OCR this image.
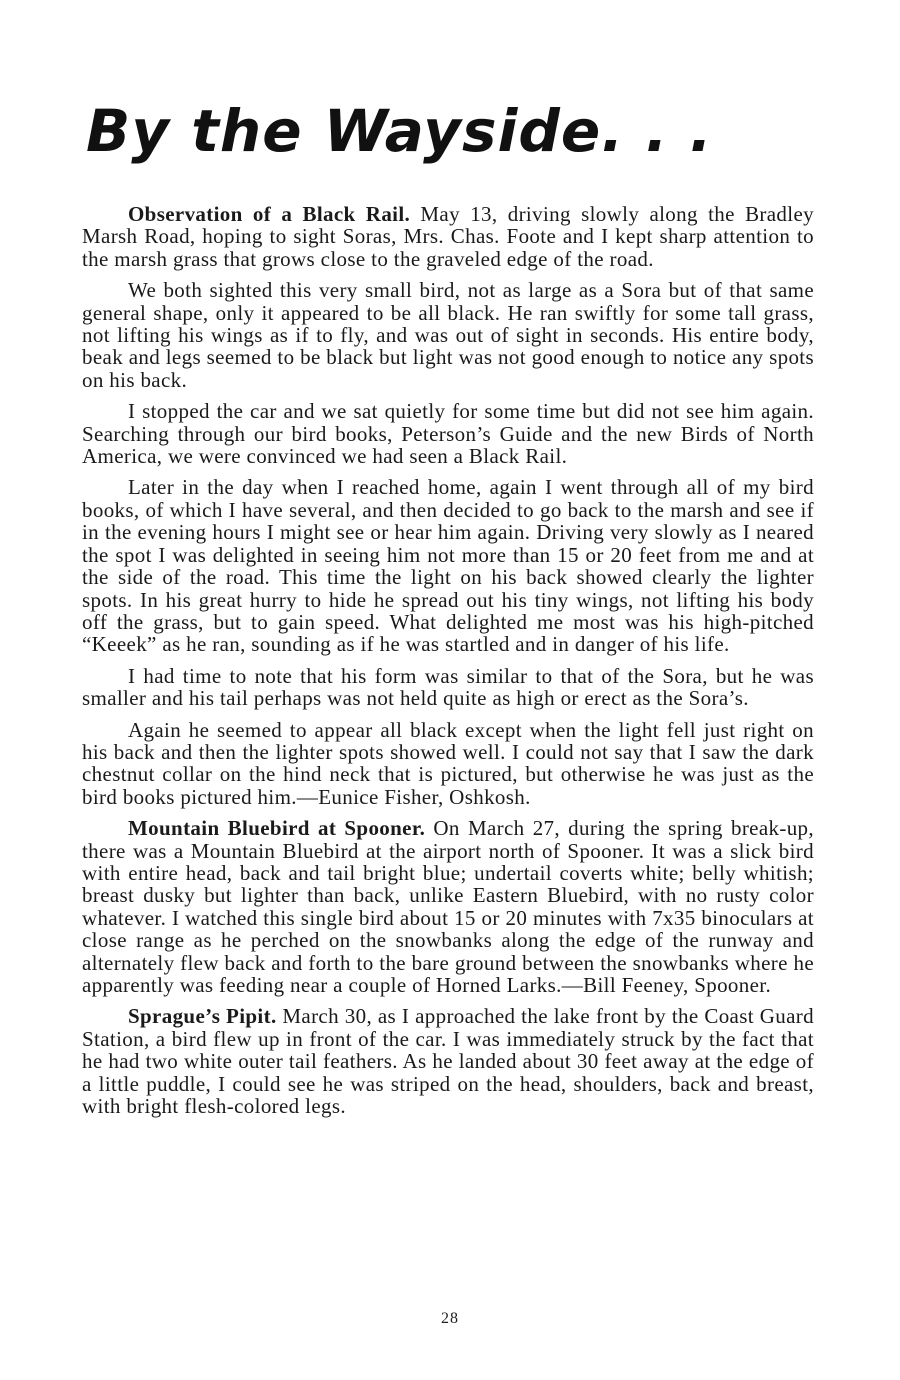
By the Wayside. . .

Observation of a Black Rail. May 13, driving slowly along the Bradley Marsh Road, hoping to sight Soras, Mrs. Chas. Foote and I kept sharp attention to the marsh grass that grows close to the graveled edge of the road.

We both sighted this very small bird, not as large as a Sora but of that same general shape, only it appeared to be all black. He ran swiftly for some tall grass, not lifting his wings as if to fly, and was out of sight in seconds. His entire body, beak and legs seemed to be black but light was not good enough to notice any spots on his back.

I stopped the car and we sat quietly for some time but did not see him again. Searching through our bird books, Peterson’s Guide and the new Birds of North America, we were convinced we had seen a Black Rail.

Later in the day when I reached home, again I went through all of my bird books, of which I have several, and then decided to go back to the marsh and see if in the evening hours I might see or hear him again. Driving very slowly as I neared the spot I was delighted in seeing him not more than 15 or 20 feet from me and at the side of the road. This time the light on his back showed clearly the lighter spots. In his great hurry to hide he spread out his tiny wings, not lifting his body off the grass, but to gain speed. What delighted me most was his high-pitched “Keeek” as he ran, sounding as if he was startled and in danger of his life.

I had time to note that his form was similar to that of the Sora, but he was smaller and his tail perhaps was not held quite as high or erect as the Sora’s.

Again he seemed to appear all black except when the light fell just right on his back and then the lighter spots showed well. I could not say that I saw the dark chestnut collar on the hind neck that is pictured, but otherwise he was just as the bird books pictured him.—Eunice Fisher, Oshkosh.

Mountain Bluebird at Spooner. On March 27, during the spring break-up, there was a Mountain Bluebird at the airport north of Spooner. It was a slick bird with entire head, back and tail bright blue; undertail coverts white; belly whitish; breast dusky but lighter than back, unlike Eastern Bluebird, with no rusty color whatever. I watched this single bird about 15 or 20 minutes with 7x35 binoculars at close range as he perched on the snowbanks along the edge of the runway and alternately flew back and forth to the bare ground between the snowbanks where he apparently was feeding near a couple of Horned Larks.—Bill Feeney, Spooner.

Sprague’s Pipit. March 30, as I approached the lake front by the Coast Guard Station, a bird flew up in front of the car. I was immediately struck by the fact that he had two white outer tail feathers. As he landed about 30 feet away at the edge of a little puddle, I could see he was striped on the head, shoulders, back and breast, with bright flesh-colored legs.

28
